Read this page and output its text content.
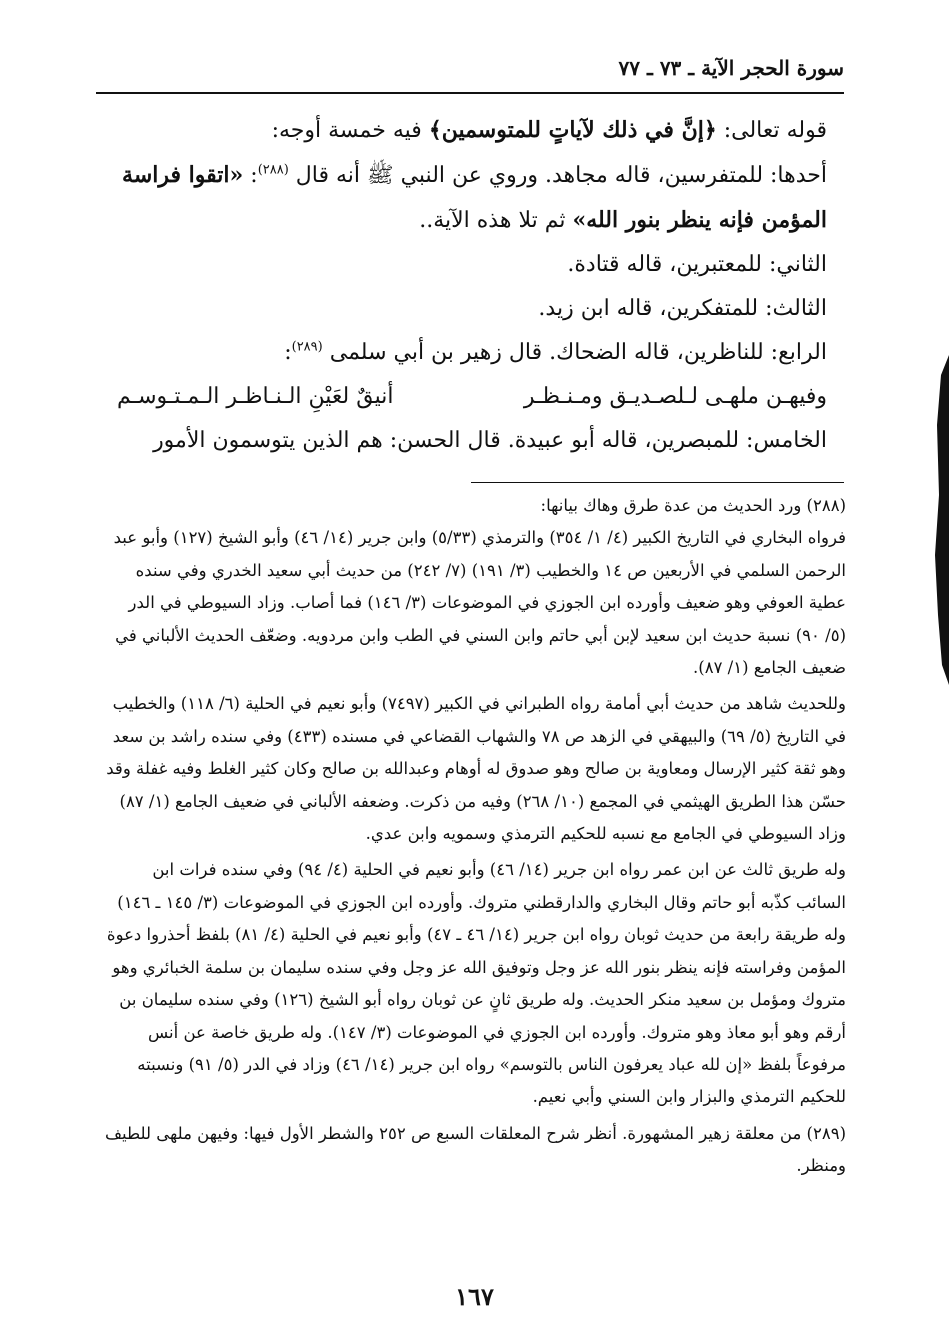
سورة الحجر الآية ـ ٧٣ ـ ٧٧

قوله تعالى: ﴿إنَّ في ذلك لآياتٍ للمتوسمين﴾ فيه خمسة أوجه:

أحدها: للمتفرسين، قاله مجاهد. وروي عن النبي ﷺ أنه قال $^{(٢٨٨)}$: «اتقوا فراسة المؤمن فإنه ينظر بنور الله» ثم تلا هذه الآية..

الثاني: للمعتبرين، قاله قتادة.

الثالث: للمتفكرين، قاله ابن زيد.

الرابع: للناظرين، قاله الضحاك. قال زهير بن أبي سلمى $^{(٢٨٩)}$:

وفيهـن ملهـى لـلصـديـق ومـنـظـر
أنيقٌ لعَيْنِ الـنـاظـر الـمـتـوسـم

الخامس: للمبصرين، قاله أبو عبيدة. قال الحسن: هم الذين يتوسمون الأمور

(٢٨٨) ورد الحديث من عدة طرق وهاك بيانها:

فرواه البخاري في التاريخ الكبير (٤/ ١/ ٣٥٤) والترمذي (٥/٣٣) وابن جرير (١٤/ ٤٦) وأبو الشيخ (١٢٧) وأبو عبد الرحمن السلمي في الأربعين ص ١٤ والخطيب (٣/ ١٩١) (٧/ ٢٤٢) من حديث أبي سعيد الخدري وفي سنده عطية العوفي وهو ضعيف وأورده ابن الجوزي في الموضوعات (٣/ ١٤٦) فما أصاب. وزاد السيوطي في الدر (٥/ ٩٠) نسبة حديث ابن سعيد لإبن أبي حاتم وابن السني في الطب وابن مردويه. وضعّف الحديث الألباني في ضعيف الجامع (١/ ٨٧).

وللحديث شاهد من حديث أبي أمامة رواه الطبراني في الكبير (٧٤٩٧) وأبو نعيم في الحلية (٦/ ١١٨) والخطيب في التاريخ (٥/ ٦٩) والبيهقي في الزهد ص ٧٨ والشهاب القضاعي في مسنده (٤٣٣) وفي سنده راشد بن سعد وهو ثقة كثير الإرسال ومعاوية بن صالح وهو صدوق له أوهام وعبدالله بن صالح وكان كثير الغلط وفيه غفلة وقد حسّن هذا الطريق الهيثمي في المجمع (١٠/ ٢٦٨) وفيه من ذكرت. وضعفه الألباني في ضعيف الجامع (١/ ٨٧) وزاد السيوطي في الجامع مع نسبه للحكيم الترمذي وسمويه وابن عدي.

وله طريق ثالث عن ابن عمر رواه ابن جرير (١٤/ ٤٦) وأبو نعيم في الحلية (٤/ ٩٤) وفي سنده فرات ابن السائب كذّبه أبو حاتم وقال البخاري والدارقطني متروك. وأورده ابن الجوزي في الموضوعات (٣/ ١٤٥ ـ ١٤٦) وله طريقة رابعة من حديث ثوبان رواه ابن جرير (١٤/ ٤٦ ـ ٤٧) وأبو نعيم في الحلية (٤/ ٨١) بلفظ أحذروا دعوة المؤمن وفراسته فإنه ينظر بنور الله عز وجل وتوفيق الله عز وجل وفي سنده سليمان بن سلمة الخبائري وهو متروك ومؤمل بن سعيد منكر الحديث. وله طريق ثانٍ عن ثوبان رواه أبو الشيخ (١٢٦) وفي سنده سليمان بن أرقم وهو أبو معاذ وهو متروك. وأورده ابن الجوزي في الموضوعات (٣/ ١٤٧). وله طريق خاصة عن أنس مرفوعاً بلفظ «إن لله عباد يعرفون الناس بالتوسم» رواه ابن جرير (١٤/ ٤٦) وزاد في الدر (٥/ ٩١) ونسبته للحكيم الترمذي والبزار وابن السني وأبي نعيم.

(٢٨٩) من معلقة زهير المشهورة. أنظر شرح المعلقات السبع ص ٢٥٢ والشطر الأول فيها: وفيهن ملهى للطيف ومنظر.

١٦٧
